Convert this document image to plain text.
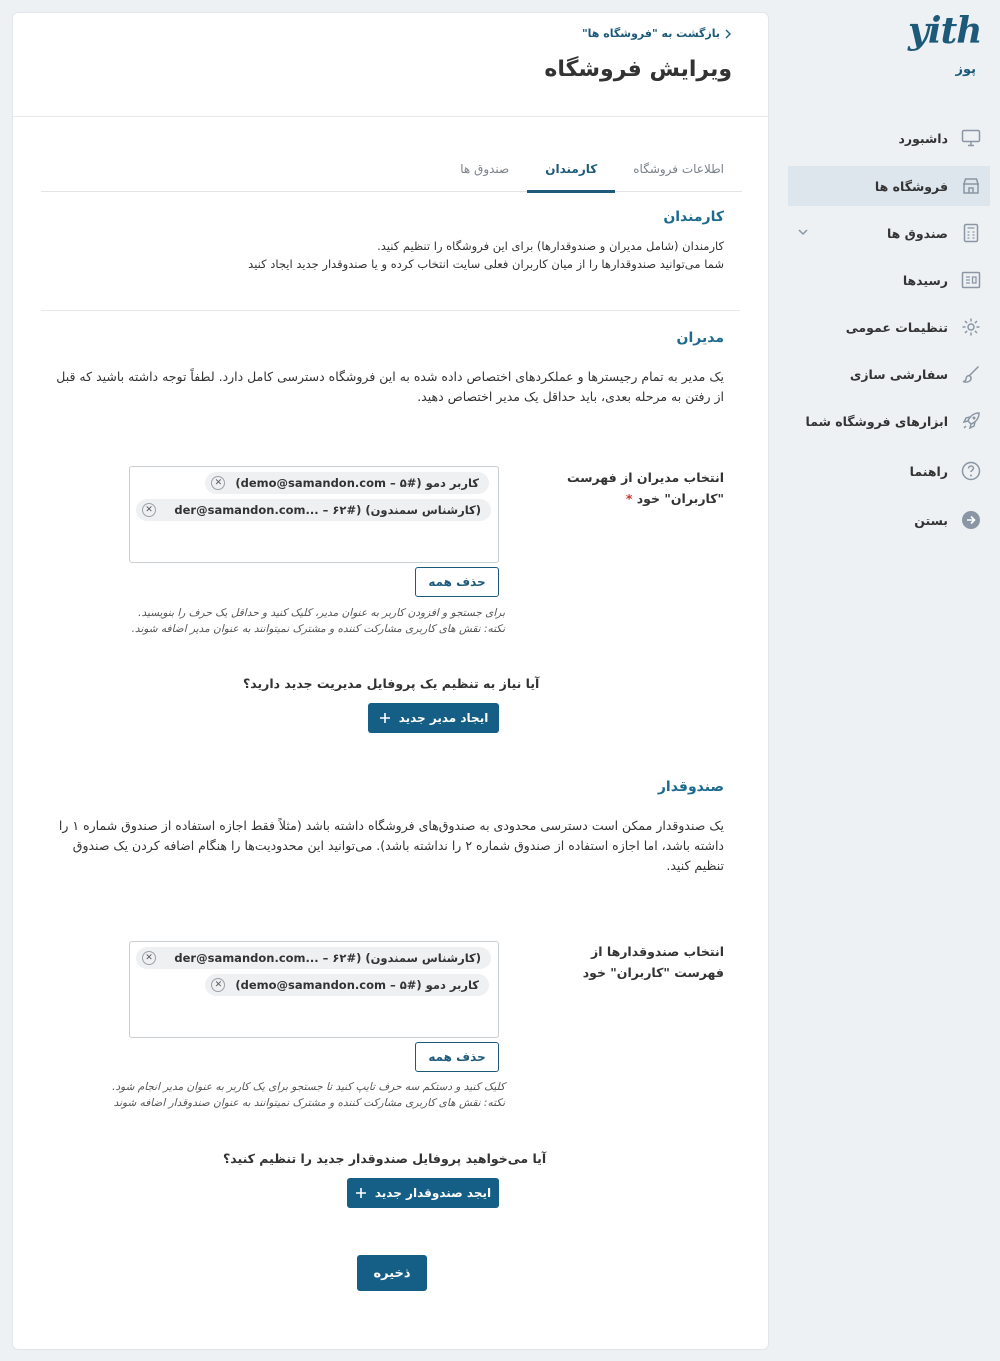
yith
پوز
داشبورد
فروشگاه ها
صندوق ها
رسیدها
تنظیمات عمومی
سفارشی سازی
ابزارهای فروشگاه شما
راهنما
بستن
بازگشت به "فروشگاه ها"
ویرایش فروشگاه
اطلاعات فروشگاه
کارمندان
صندوق ها
کارمندان
کارمندان (شامل مدیران و صندوقدارها) برای این فروشگاه را تنظیم کنید.
شما می‌توانید صندوقدارها را از میان کاربران فعلی سایت انتخاب کرده و یا صندوقدار جدید ایجاد کنید
مدیران
یک مدیر به تمام رجیسترها و عملکردهای اختصاص داده شده به این فروشگاه دسترسی کامل دارد. لطفاً توجه داشته باشید که قبل
از رفتن به مرحله بعدی، باید حداقل یک مدیر اختصاص دهید.
انتخاب مدیران از فهرست "کاربران" خود *
کاربر دمو (#۵ – demo@samandon.com)
✕
(کارشناس سمندون) (#۶۲ – ...der@samandon.com
✕
حذف همه
برای جستجو و افزودن کاربر به عنوان مدیر، کلیک کنید و حداقل یک حرف را بنویسید.
نکته: نقش های کاربری مشارکت کننده و مشترک نمیتوانند به عنوان مدیر اضافه شوند.
آیا نیاز به تنظیم یک پروفایل مدیریت جدید دارید؟
ایجاد مدیر جدید
صندوقدار
یک صندوقدار ممکن است دسترسی محدودی به صندوق‌های فروشگاه داشته باشد (مثلاً فقط اجازه استفاده از صندوق شماره ۱ را
داشته باشد، اما اجازه استفاده از صندوق شماره ۲ را نداشته باشد). می‌توانید این محدودیت‌ها را هنگام اضافه کردن یک صندوق
تنظیم کنید.
انتخاب صندوقدارها از فهرست "کاربران" خود
(کارشناس سمندون) (#۶۲ – ...der@samandon.com
✕
کاربر دمو (#۵ – demo@samandon.com)
✕
حذف همه
کلیک کنید و دستکم سه حرف تایپ کنید تا جستجو برای یک کاربر به عنوان مدیر انجام شود.
نکته: نقش های کاربری مشارکت کننده و مشترک نمیتوانند به عنوان صندوقدار اضافه شوند
آیا می‌خواهید پروفایل صندوقدار جدید را تنظیم کنید؟
ایجد صندوقدار جدید
ذخیره
